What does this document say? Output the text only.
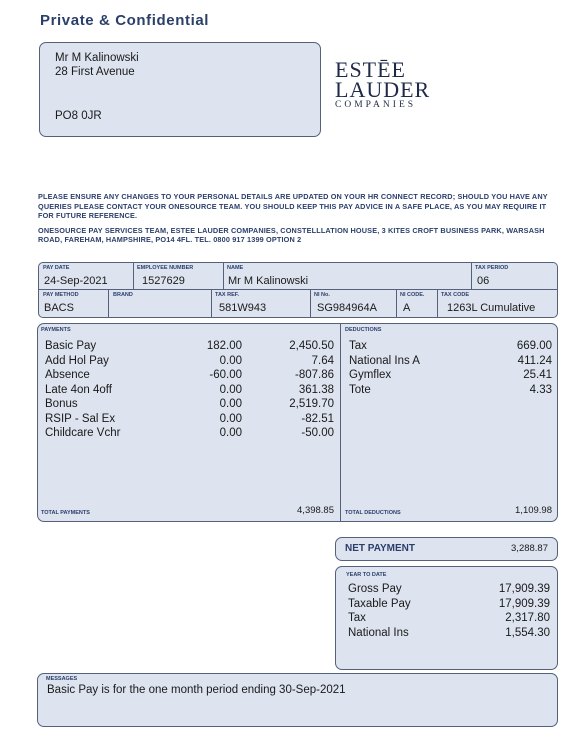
Private & Confidential
Mr M Kalinowski
28 First Avenue
PO8 0JR
ESTĒE
LAUDER
COMPANIES
PLEASE ENSURE ANY CHANGES TO YOUR PERSONAL DETAILS ARE UPDATED ON YOUR HR CONNECT RECORD; SHOULD YOU HAVE ANY QUERIES PLEASE CONTACT YOUR ONESOURCE TEAM. YOU SHOULD KEEP THIS PAY ADVICE IN A SAFE PLACE, AS YOU MAY REQUIRE IT FOR FUTURE REFERENCE.
ONESOURCE PAY SERVICES TEAM, ESTEE LAUDER COMPANIES, CONSTELLLATION HOUSE, 3 KITES CROFT BUSINESS PARK, WARSASH ROAD, FAREHAM, HAMPSHIRE, PO14 4FL. TEL. 0800 917 1399 OPTION 2
PAY DATE
24-Sep-2021
EMPLOYEE NUMBER
1527629
NAME
Mr M Kalinowski
TAX PERIOD
06
PAY METHOD
BACS
BRAND	TAX REF.
581W943
NI No.
SG984964A
NI CODE.
A
TAX CODE
1263L Cumulative
PAYMENTS	DEDUCTIONS
Basic Pay	182.00	2,450.50
Add Hol Pay	0.00	7.64
Absence	-60.00	-807.86
Late 4on 4off	0.00	361.38
Bonus	0.00	2,519.70
RSIP - Sal Ex	0.00	-82.51
Childcare Vchr	0.00	-50.00
Tax	669.00
National Ins A	411.24
Gymflex	25.41
Tote	4.33
TOTAL PAYMENTS	4,398.85 TOTAL DEDUCTIONS	1,109.98
NET PAYMENT	3,288.87
YEAR TO DATE
Gross Pay	17,909.39
Taxable Pay	17,909.39
Tax	2,317.80
National Ins	1,554.30
MESSAGES
Basic Pay is for the one month period ending 30-Sep-2021
